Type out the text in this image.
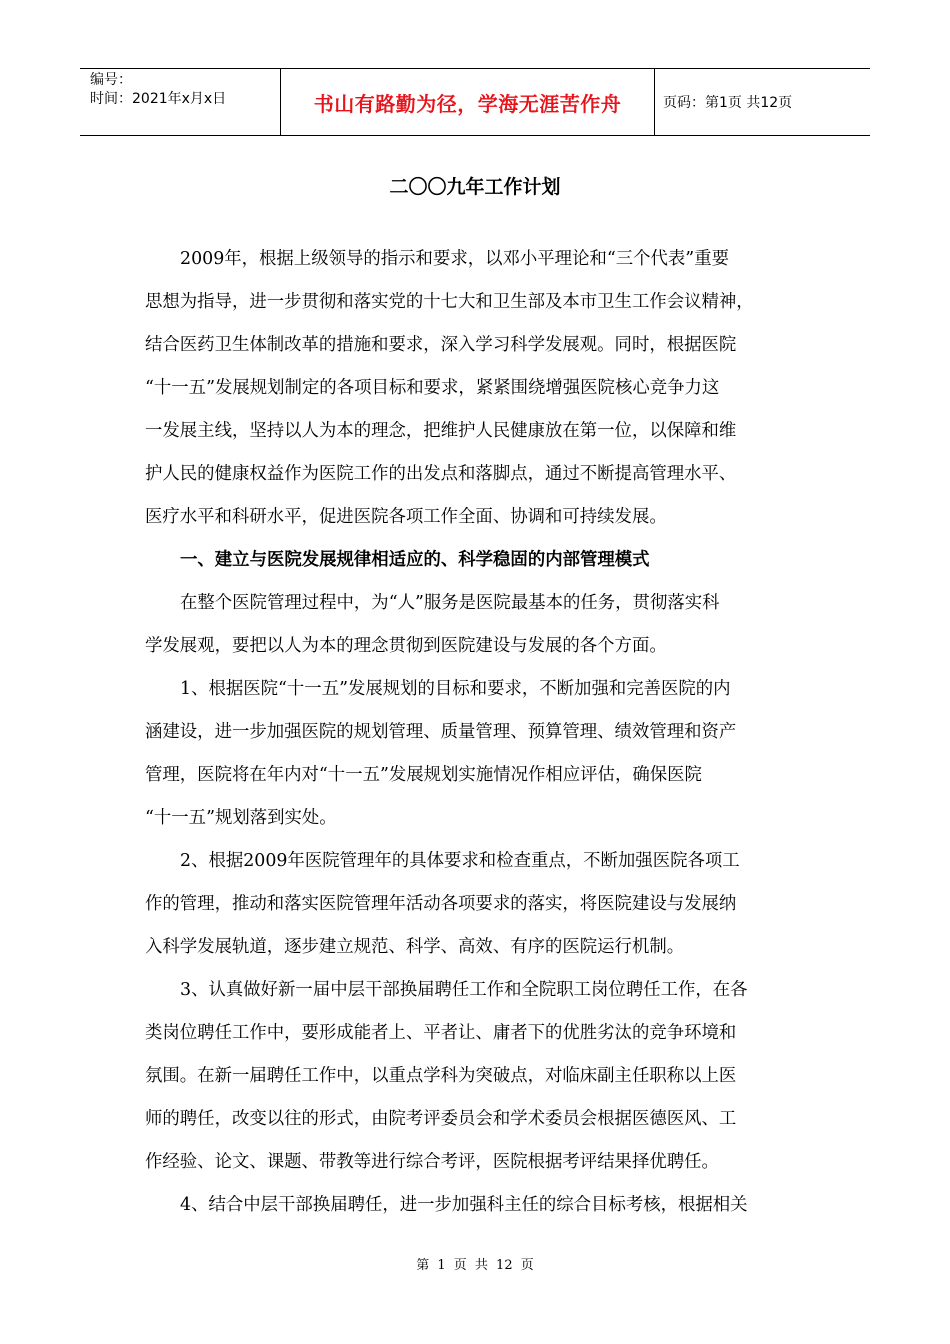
编号：
时间：2021年x月x日	书山有路勤为径，学海无涯苦作舟	页码：第1页 共12页
二〇〇九年工作计划
2009年，根据上级领导的指示和要求，以邓小平理论和“三个代表”重要
思想为指导，进一步贯彻和落实党的十七大和卫生部及本市卫生工作会议精神，
结合医药卫生体制改革的措施和要求，深入学习科学发展观。同时，根据医院
“十一五”发展规划制定的各项目标和要求，紧紧围绕增强医院核心竞争力这
一发展主线，坚持以人为本的理念，把维护人民健康放在第一位，以保障和维
护人民的健康权益作为医院工作的出发点和落脚点，通过不断提高管理水平、
医疗水平和科研水平，促进医院各项工作全面、协调和可持续发展。
一、建立与医院发展规律相适应的、科学稳固的内部管理模式
在整个医院管理过程中，为“人”服务是医院最基本的任务，贯彻落实科
学发展观，要把以人为本的理念贯彻到医院建设与发展的各个方面。
1、根据医院“十一五”发展规划的目标和要求，不断加强和完善医院的内
涵建设，进一步加强医院的规划管理、质量管理、预算管理、绩效管理和资产
管理，医院将在年内对“十一五”发展规划实施情况作相应评估，确保医院
“十一五”规划落到实处。
2、根据2009年医院管理年的具体要求和检查重点，不断加强医院各项工
作的管理，推动和落实医院管理年活动各项要求的落实，将医院建设与发展纳
入科学发展轨道，逐步建立规范、科学、高效、有序的医院运行机制。
3、认真做好新一届中层干部换届聘任工作和全院职工岗位聘任工作，在各
类岗位聘任工作中，要形成能者上、平者让、庸者下的优胜劣汰的竞争环境和
氛围。在新一届聘任工作中，以重点学科为突破点，对临床副主任职称以上医
师的聘任，改变以往的形式，由院考评委员会和学术委员会根据医德医风、工
作经验、论文、课题、带教等进行综合考评，医院根据考评结果择优聘任。
4、结合中层干部换届聘任，进一步加强科主任的综合目标考核，根据相关
第 1 页 共 12 页
